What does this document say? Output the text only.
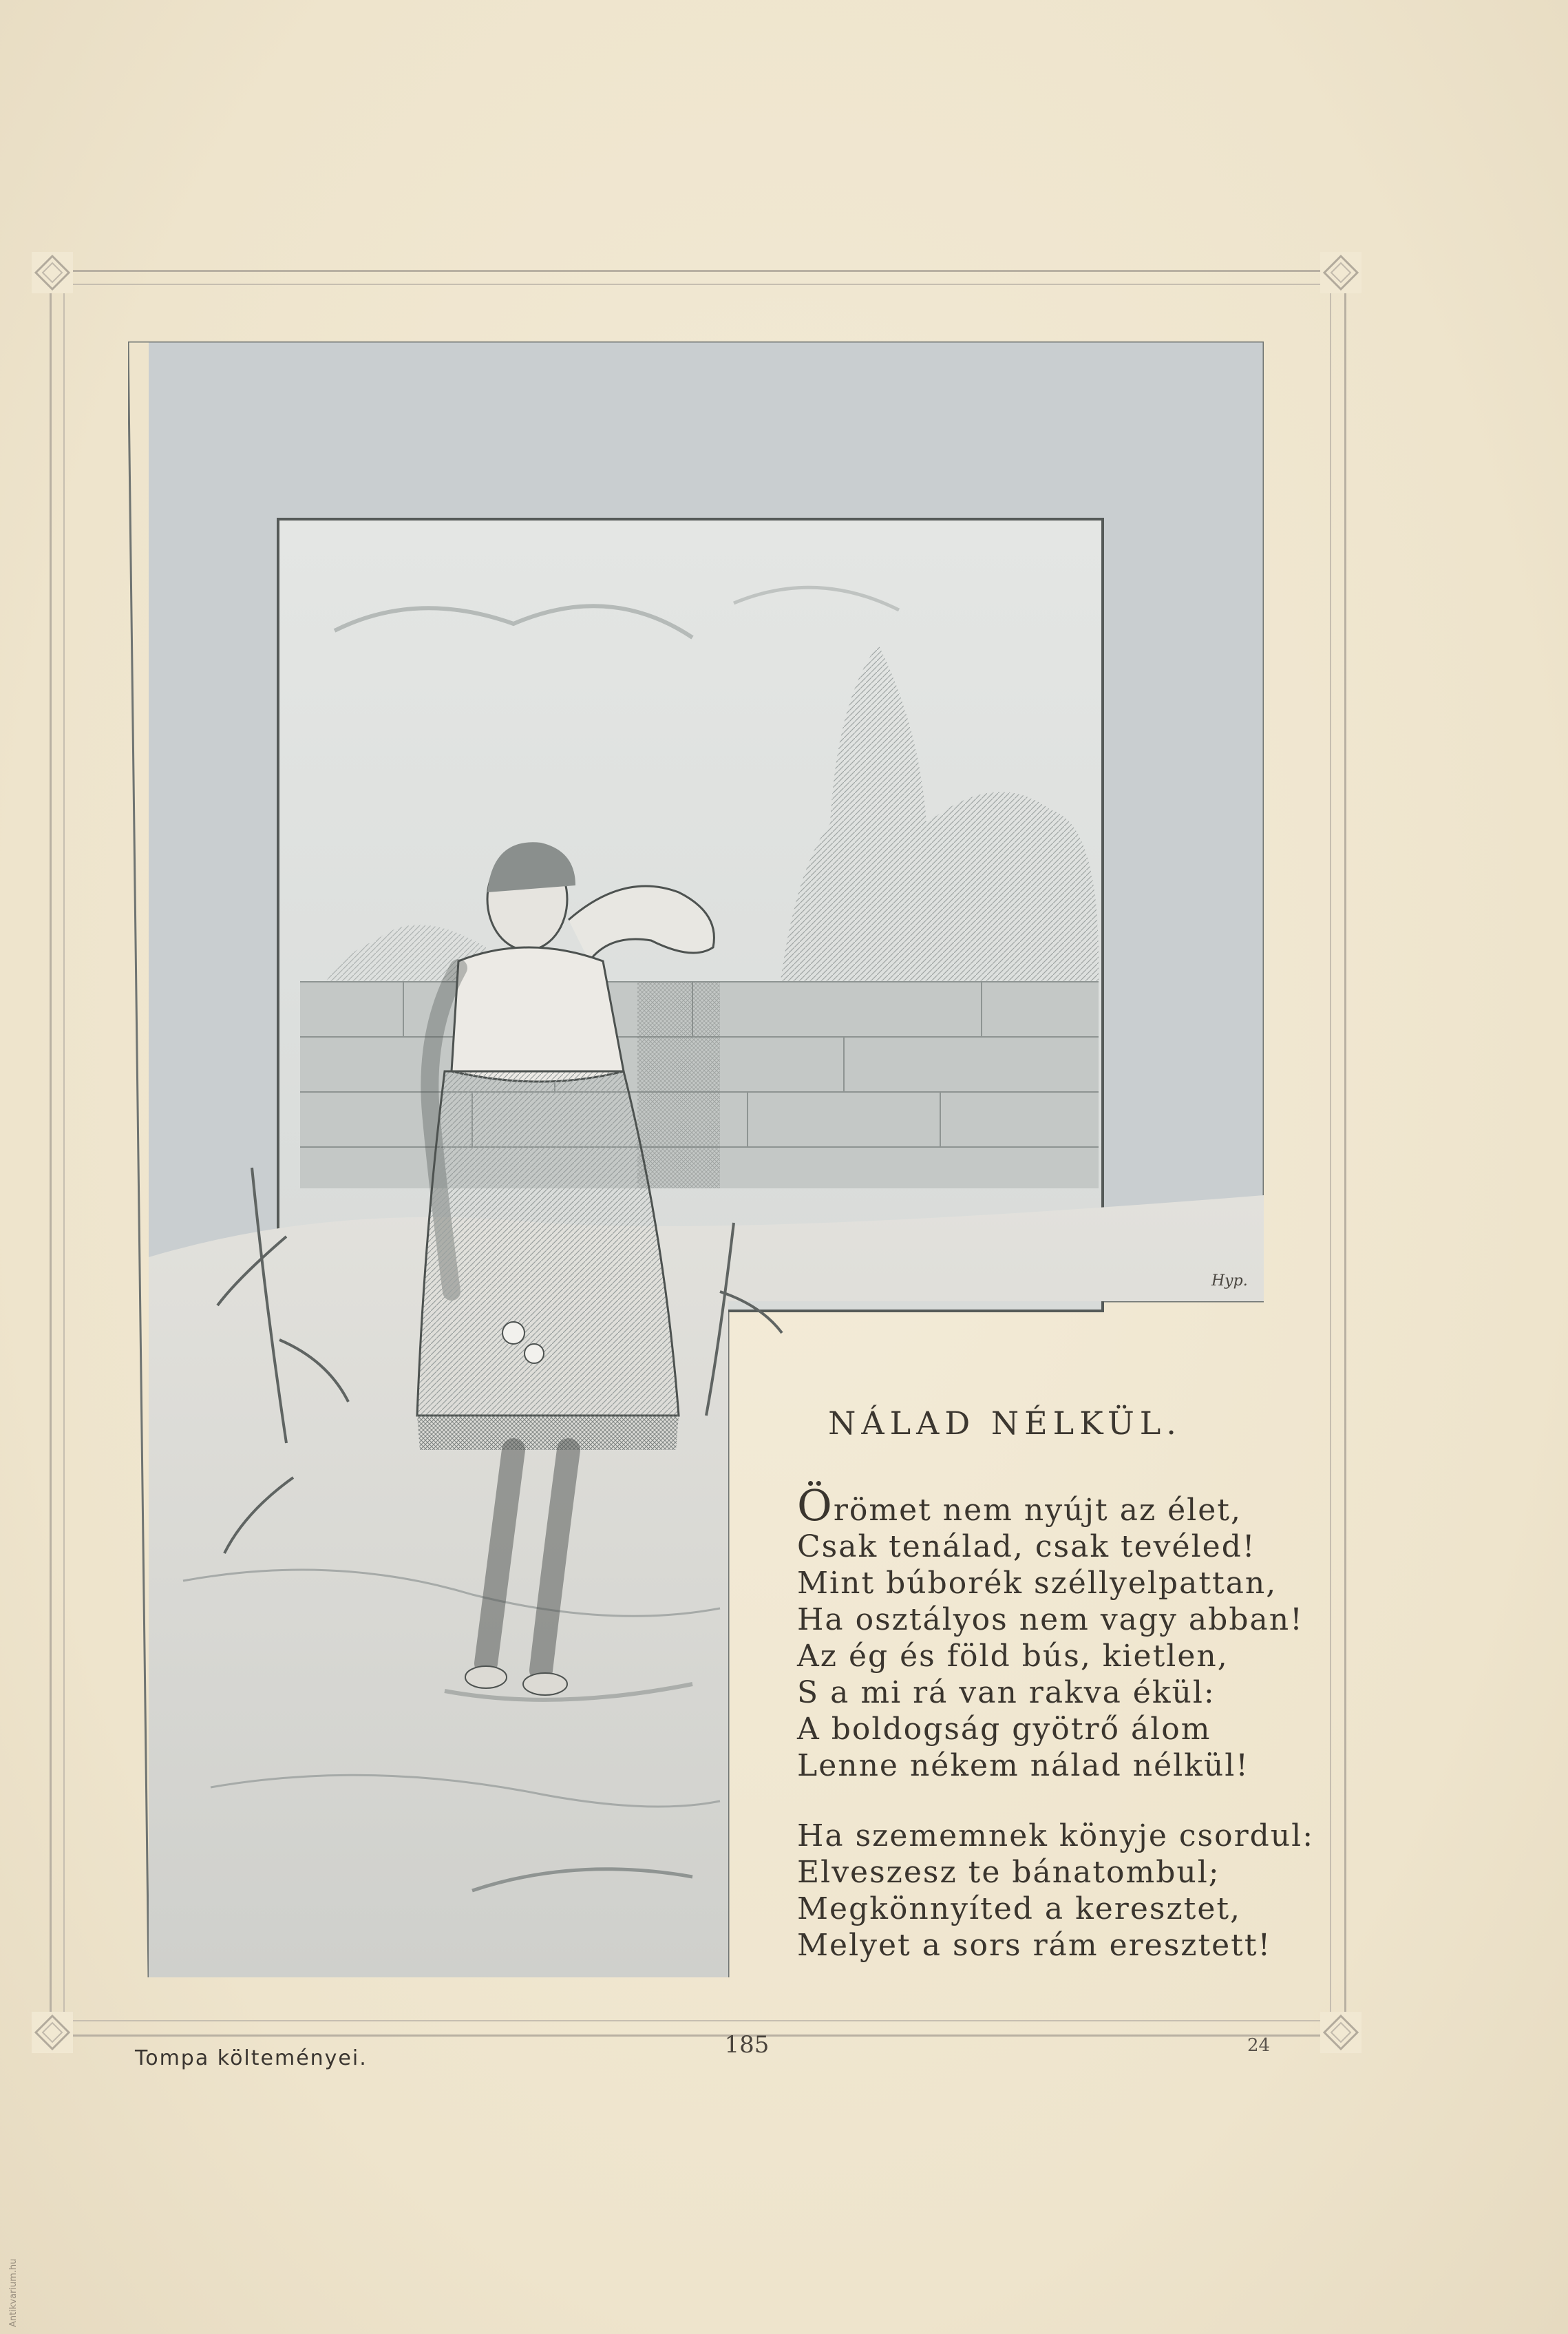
Hyp.
NÁLAD NÉLKÜL.
Örömet nem nyújt az élet,
Csak tenálad, csak tevéled!
Mint búborék széllyelpattan,
Ha osztályos nem vagy abban!
Az ég és föld bús, kietlen,
S a mi rá van rakva ékül:
A boldogság gyötrő álom
Lenne nékem nálad nélkül!
Ha szememnek könyje csordul:
Elveszesz te bánatombul;
Megkönnyíted a keresztet,
Melyet a sors rám eresztett!
Tompa költeményei.	185	24
Antikvarium.hu
